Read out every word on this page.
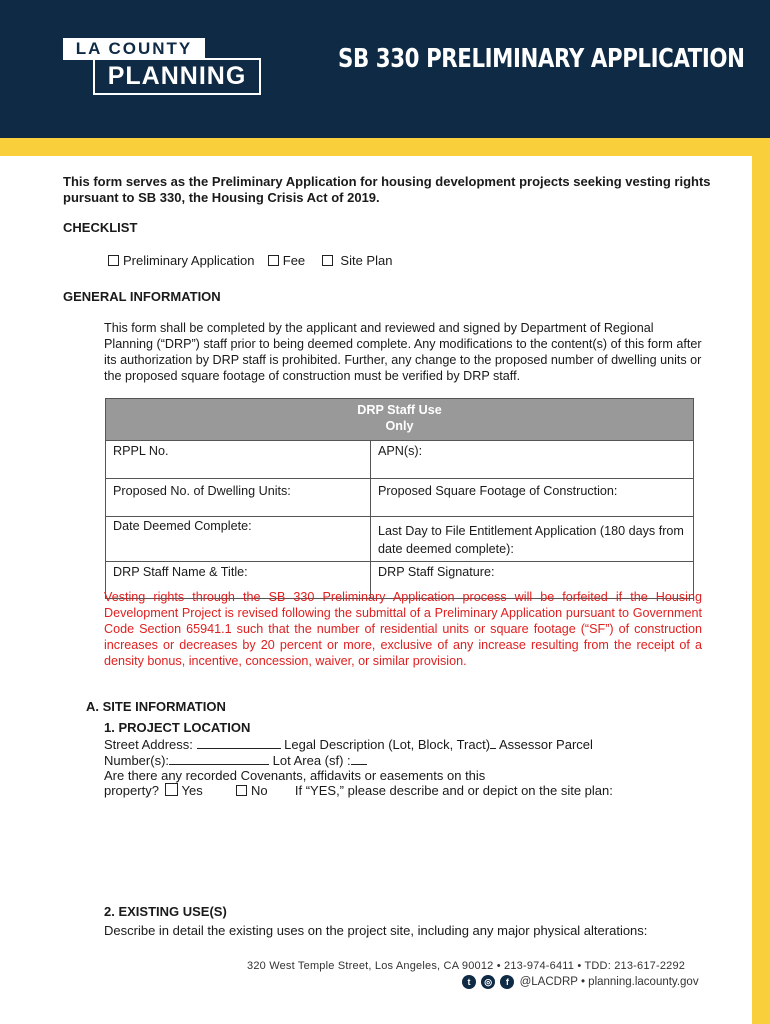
LA COUNTY
PLANNING
SB 330 PRELIMINARY APPLICATION
This form serves as the Preliminary Application for housing development projects seeking vesting rights pursuant to SB 330, the Housing Crisis Act of 2019.
CHECKLIST
Preliminary Application Fee	Site Plan
GENERAL INFORMATION
This form shall be completed by the applicant and reviewed and signed by Department of Regional Planning (“DRP”) staff prior to being deemed complete. Any modifications to the content(s) of this form after its authorization by DRP staff is prohibited. Further, any change to the proposed number of dwelling units or the proposed square footage of construction must be verified by DRP staff.
DRP Staff Use
Only	

RPPL No.	APN(s):
Proposed No. of Dwelling Units:	Proposed Square Footage of Construction:
Date Deemed Complete:	Last Day to File Entitlement Application (180 days from date deemed complete):
DRP Staff Name & Title:	DRP Staff Signature:
Vesting rights through the SB 330 Preliminary Application process will be forfeited if the Housing Development Project is revised following the submittal of a Preliminary Application pursuant to Government Code Section 65941.1 such that the number of residential units or square footage (“SF”) of construction increases or decreases by 20 percent or more, exclusive of any increase resulting from the receipt of a density bonus, incentive, concession, waiver, or similar provision.
A. SITE INFORMATION
1. PROJECT LOCATION
Street Address:	Legal Description (Lot, Block, Tract) Assessor Parcel
Number(s):	Lot Area (sf) :
Are there any recorded Covenants, affidavits or easements on this
property? Yes	No If “YES,” please describe and or depict on the site plan:
2. EXISTING USE(S)
Describe in detail the existing uses on the project site, including any major physical alterations:
320 West Temple Street, Los Angeles, CA 90012 • 213-974-6411 • TDD: 213-617-2292
t ◎ f @LACDRP • planning.lacounty.gov
